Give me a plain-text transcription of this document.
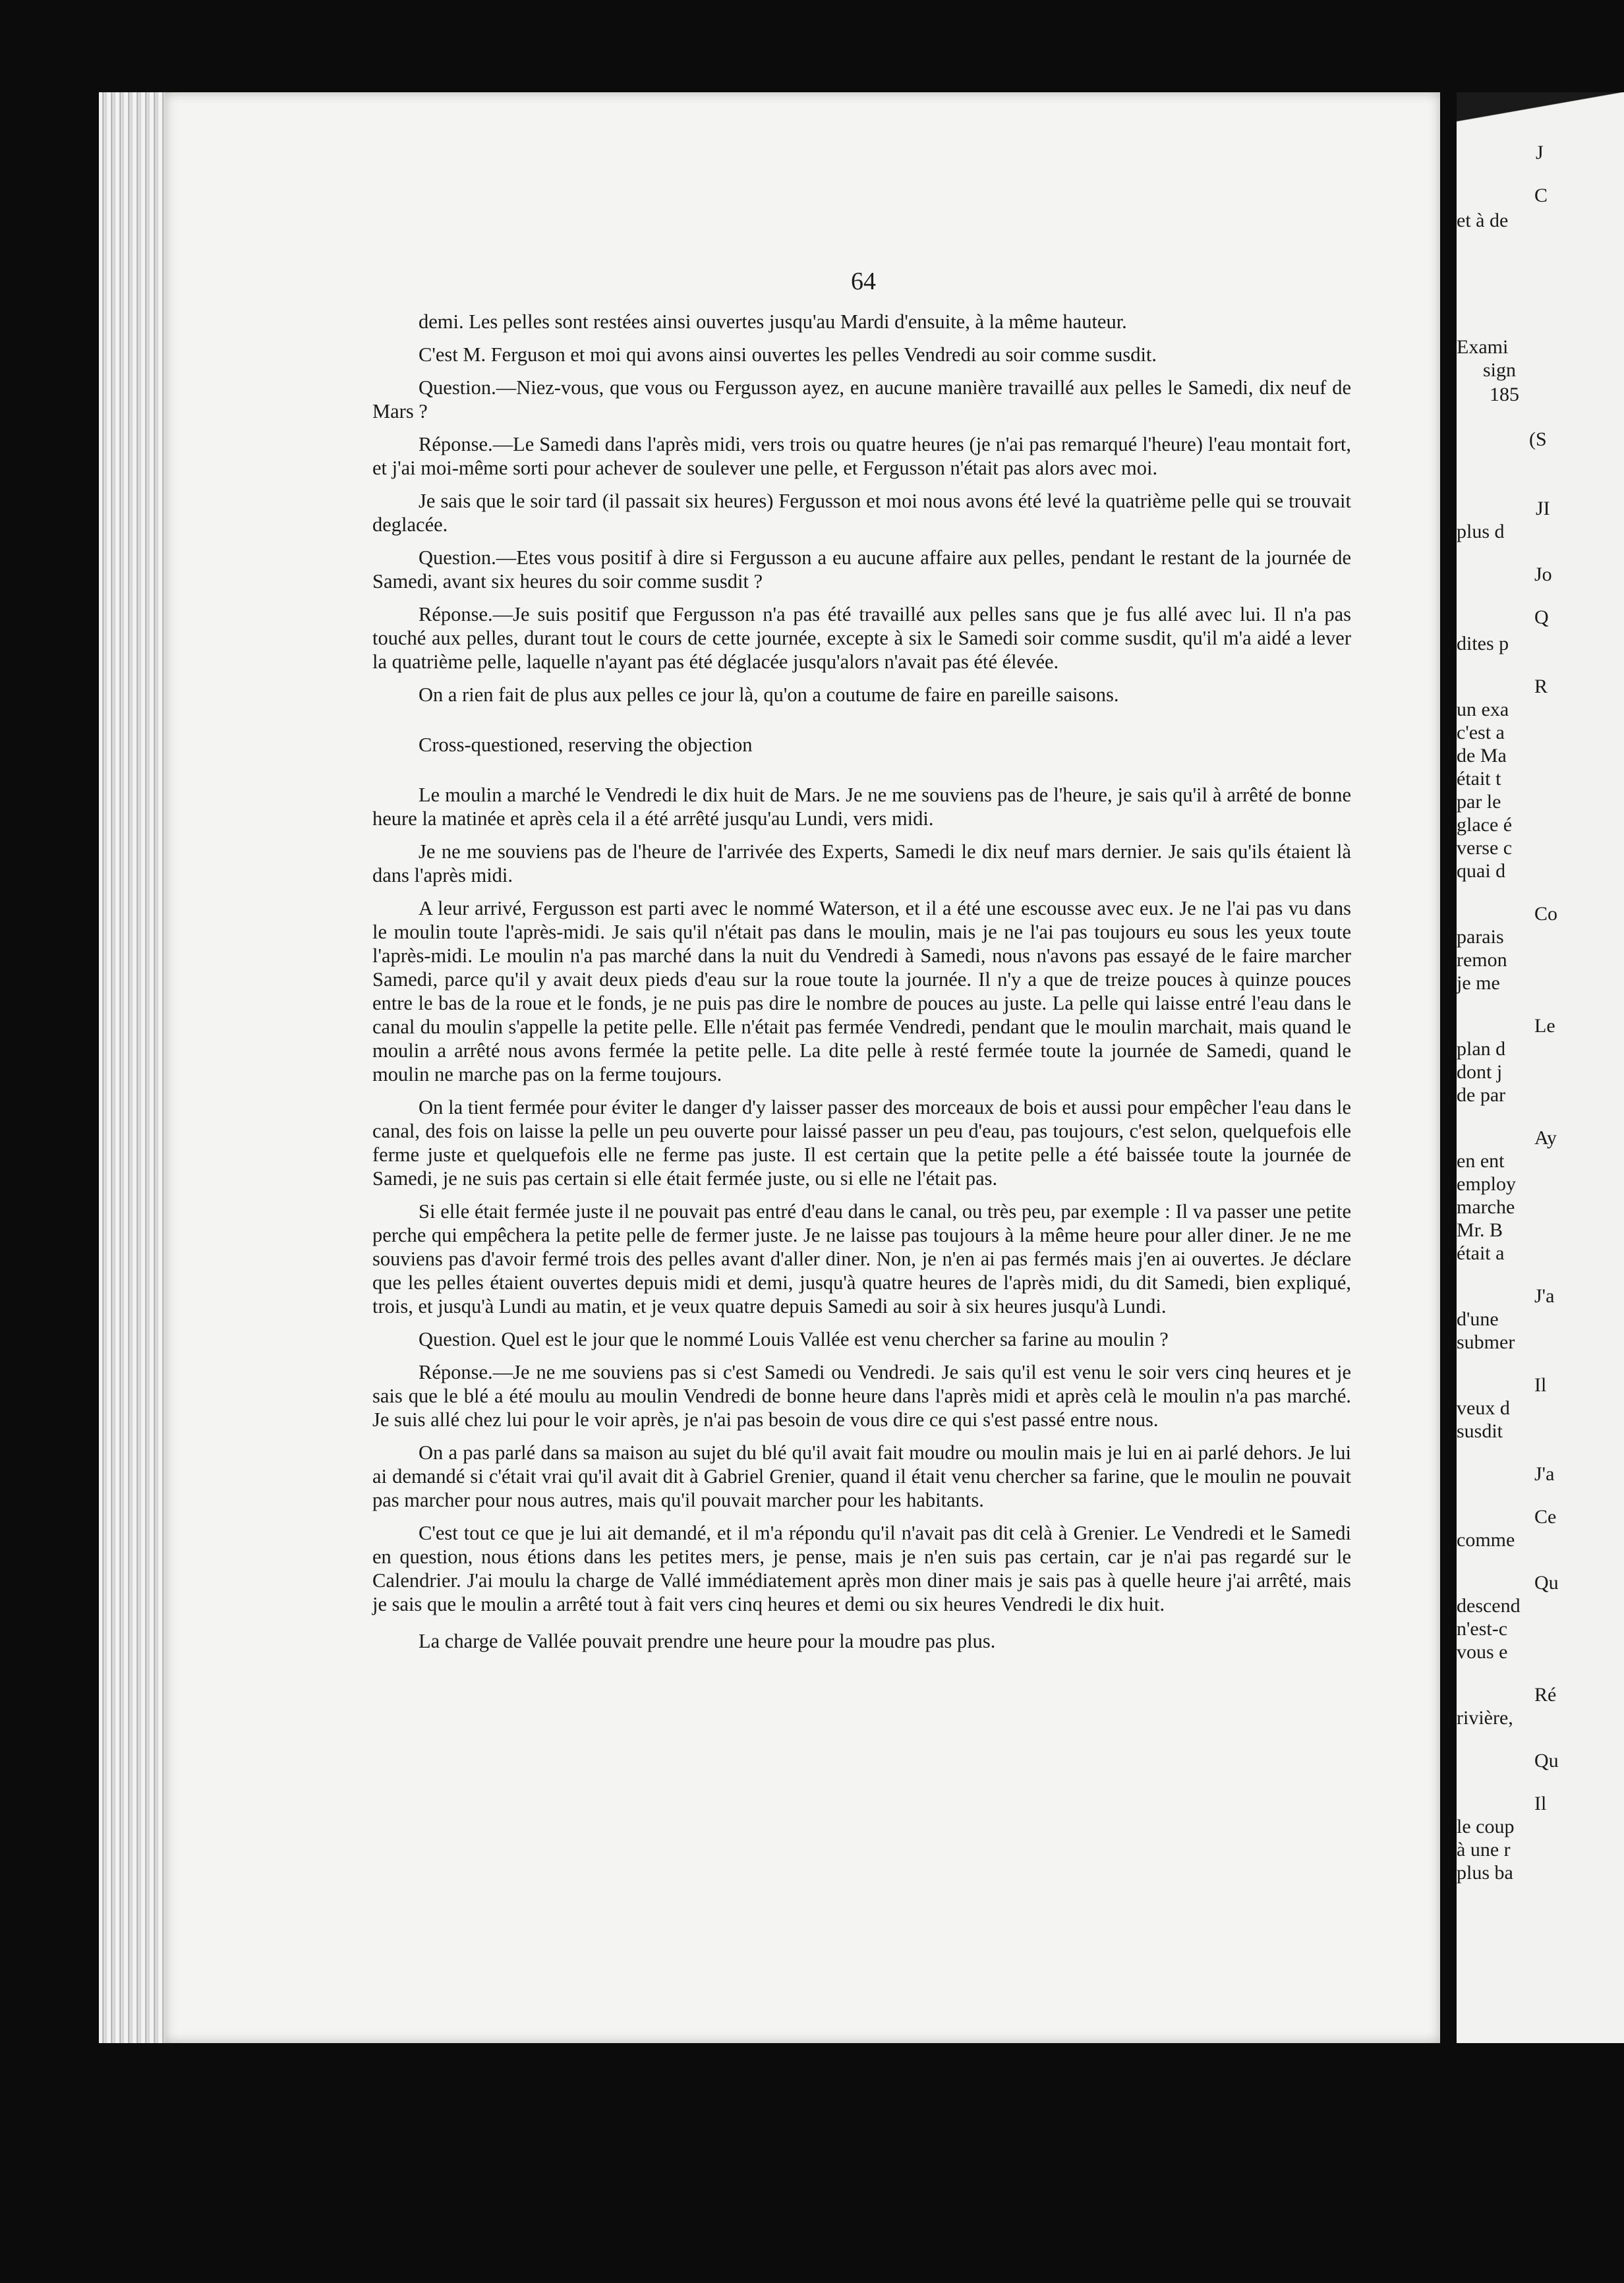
64

demi. Les pelles sont restées ainsi ouvertes jusqu'au Mardi d'ensuite, à la même hauteur.

C'est M. Ferguson et moi qui avons ainsi ouvertes les pelles Vendredi au soir comme susdit.

Question.—Niez-vous, que vous ou Fergusson ayez, en aucune manière travaillé aux pelles le Samedi, dix neuf de Mars ?

Réponse.—Le Samedi dans l'après midi, vers trois ou quatre heures (je n'ai pas remarqué l'heure) l'eau montait fort, et j'ai moi-même sorti pour achever de soulever une pelle, et Fergusson n'était pas alors avec moi.

Je sais que le soir tard (il passait six heures) Fergusson et moi nous avons été levé la quatrième pelle qui se trouvait deglacée.

Question.—Etes vous positif à dire si Fergusson a eu aucune affaire aux pelles, pendant le restant de la journée de Samedi, avant six heures du soir comme susdit ?

Réponse.—Je suis positif que Fergusson n'a pas été travaillé aux pelles sans que je fus allé avec lui. Il n'a pas touché aux pelles, durant tout le cours de cette journée, excepte à six le Samedi soir comme susdit, qu'il m'a aidé a lever la quatrième pelle, laquelle n'ayant pas été déglacée jusqu'alors n'avait pas été élevée.

On a rien fait de plus aux pelles ce jour là, qu'on a coutume de faire en pareille saisons.

Cross-questioned, reserving the objection

Le moulin a marché le Vendredi le dix huit de Mars. Je ne me souviens pas de l'heure, je sais qu'il à arrêté de bonne heure la matinée et après cela il a été arrêté jusqu'au Lundi, vers midi.

Je ne me souviens pas de l'heure de l'arrivée des Experts, Samedi le dix neuf mars dernier. Je sais qu'ils étaient là dans l'après midi.

A leur arrivé, Fergusson est parti avec le nommé Waterson, et il a été une escousse avec eux. Je ne l'ai pas vu dans le moulin toute l'après-midi. Je sais qu'il n'était pas dans le moulin, mais je ne l'ai pas toujours eu sous les yeux toute l'après-midi. Le moulin n'a pas marché dans la nuit du Vendredi à Samedi, nous n'avons pas essayé de le faire marcher Samedi, parce qu'il y avait deux pieds d'eau sur la roue toute la journée. Il n'y a que de treize pouces à quinze pouces entre le bas de la roue et le fonds, je ne puis pas dire le nombre de pouces au juste. La pelle qui laisse entré l'eau dans le canal du moulin s'appelle la petite pelle. Elle n'était pas fermée Vendredi, pendant que le moulin marchait, mais quand le moulin a arrêté nous avons fermée la petite pelle. La dite pelle à resté fermée toute la journée de Samedi, quand le moulin ne marche pas on la ferme toujours.

On la tient fermée pour éviter le danger d'y laisser passer des morceaux de bois et aussi pour empêcher l'eau dans le canal, des fois on laisse la pelle un peu ouverte pour laissé passer un peu d'eau, pas toujours, c'est selon, quelquefois elle ferme juste et quelquefois elle ne ferme pas juste. Il est certain que la petite pelle a été baissée toute la journée de Samedi, je ne suis pas certain si elle était fermée juste, ou si elle ne l'était pas.

Si elle était fermée juste il ne pouvait pas entré d'eau dans le canal, ou très peu, par exemple : Il va passer une petite perche qui empêchera la petite pelle de fermer juste. Je ne laisse pas toujours à la même heure pour aller diner. Je ne me souviens pas d'avoir fermé trois des pelles avant d'aller diner. Non, je n'en ai pas fermés mais j'en ai ouvertes. Je déclare que les pelles étaient ouvertes depuis midi et demi, jusqu'à quatre heures de l'après midi, du dit Samedi, bien expliqué, trois, et jusqu'à Lundi au matin, et je veux quatre depuis Samedi au soir à six heures jusqu'à Lundi.

Question. Quel est le jour que le nommé Louis Vallée est venu chercher sa farine au moulin ?

Réponse.—Je ne me souviens pas si c'est Samedi ou Vendredi. Je sais qu'il est venu le soir vers cinq heures et je sais que le blé a été moulu au moulin Vendredi de bonne heure dans l'après midi et après celà le moulin n'a pas marché. Je suis allé chez lui pour le voir après, je n'ai pas besoin de vous dire ce qui s'est passé entre nous.

On a pas parlé dans sa maison au sujet du blé qu'il avait fait moudre ou moulin mais je lui en ai parlé dehors. Je lui ai demandé si c'était vrai qu'il avait dit à Gabriel Grenier, quand il était venu chercher sa farine, que le moulin ne pouvait pas marcher pour nous autres, mais qu'il pouvait marcher pour les habitants.

C'est tout ce que je lui ait demandé, et il m'a répondu qu'il n'avait pas dit celà à Grenier. Le Vendredi et le Samedi en question, nous étions dans les petites mers, je pense, mais je n'en suis pas certain, car je n'ai pas regardé sur le Calendrier. J'ai moulu la charge de Vallé immédiatement après mon diner mais je sais pas à quelle heure j'ai arrêté, mais je sais que le moulin a arrêté tout à fait vers cinq heures et demi ou six heures Vendredi le dix huit.

La charge de Vallée pouvait prendre une heure pour la moudre pas plus.

J
C
et à de
Exami
sign
185
(S
JI
plus d
Jo
Q
dites p
R
un exa
c'est a
de Ma
était t
par le
glace é
verse c
quai d
Co
parais
remon
je me
Le
plan d
dont j
de par
Ay
en ent
employ
marche
Mr. B
était a
J'a
d'une
submer
Il
veux d
susdit
J'a
Ce
comme
Qu
descend
n'est-c
vous e
Ré
rivière,
Qu
Il
le coup
à une r
plus ba
